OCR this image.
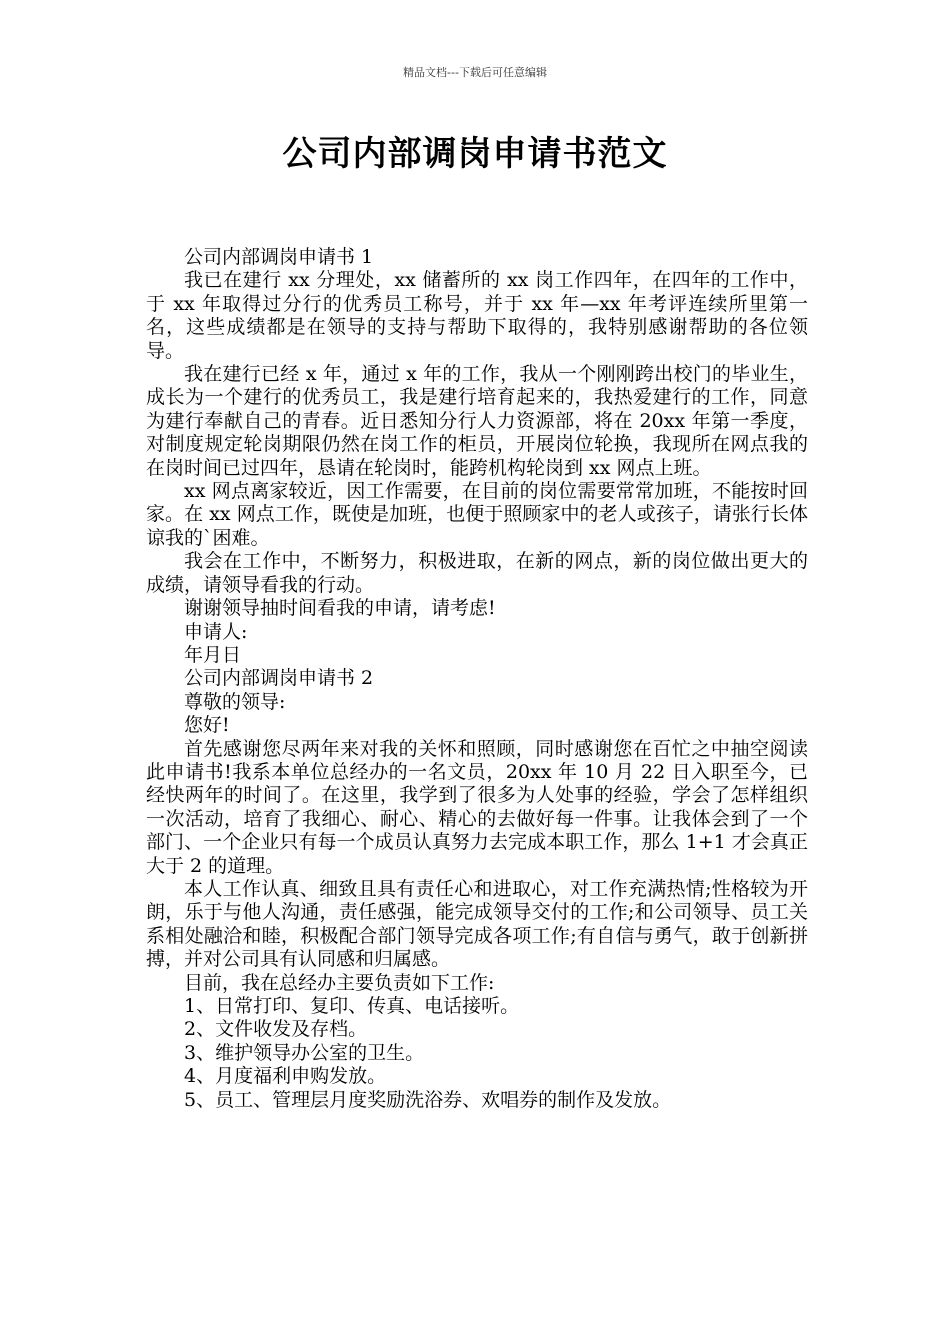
精品文档---下载后可任意编辑
公司内部调岗申请书范文

公司内部调岗申请书 1

我已在建行 xx 分理处，xx 储蓄所的 xx 岗工作四年，在四年的工作中，于 xx 年取得过分行的优秀员工称号，并于 xx 年—xx 年考评连续所里第一名，这些成绩都是在领导的支持与帮助下取得的，我特别感谢帮助的各位领导。

我在建行已经 x 年，通过 x 年的工作，我从一个刚刚跨出校门的毕业生，成长为一个建行的优秀员工，我是建行培育起来的，我热爱建行的工作，同意为建行奉献自己的青春。近日悉知分行人力资源部，将在 20xx 年第一季度，对制度规定轮岗期限仍然在岗工作的柜员，开展岗位轮换，我现所在网点我的在岗时间已过四年，恳请在轮岗时，能跨机构轮岗到 xx 网点上班。

xx 网点离家较近，因工作需要，在目前的岗位需要常常加班，不能按时回家。在 xx 网点工作，既使是加班，也便于照顾家中的老人或孩子，请张行长体谅我的`困难。

我会在工作中，不断努力，积极进取，在新的网点，新的岗位做出更大的成绩，请领导看我的行动。

谢谢领导抽时间看我的申请，请考虑!

申请人:

年月日

公司内部调岗申请书 2

尊敬的领导:

您好!

首先感谢您尽两年来对我的关怀和照顾，同时感谢您在百忙之中抽空阅读此申请书!我系本单位总经办的一名文员，20xx 年 10 月 22 日入职至今，已经快两年的时间了。在这里，我学到了很多为人处事的经验，学会了怎样组织一次活动，培育了我细心、耐心、精心的去做好每一件事。让我体会到了一个部门、一个企业只有每一个成员认真努力去完成本职工作，那么 1+1 才会真正大于 2 的道理。

本人工作认真、细致且具有责任心和进取心，对工作充满热情;性格较为开朗，乐于与他人沟通，责任感强，能完成领导交付的工作;和公司领导、员工关系相处融洽和睦，积极配合部门领导完成各项工作;有自信与勇气，敢于创新拼搏，并对公司具有认同感和归属感。

目前，我在总经办主要负责如下工作:

1、日常打印、复印、传真、电话接听。

2、文件收发及存档。

3、维护领导办公室的卫生。

4、月度福利申购发放。

5、员工、管理层月度奖励洗浴券、欢唱券的制作及发放。
